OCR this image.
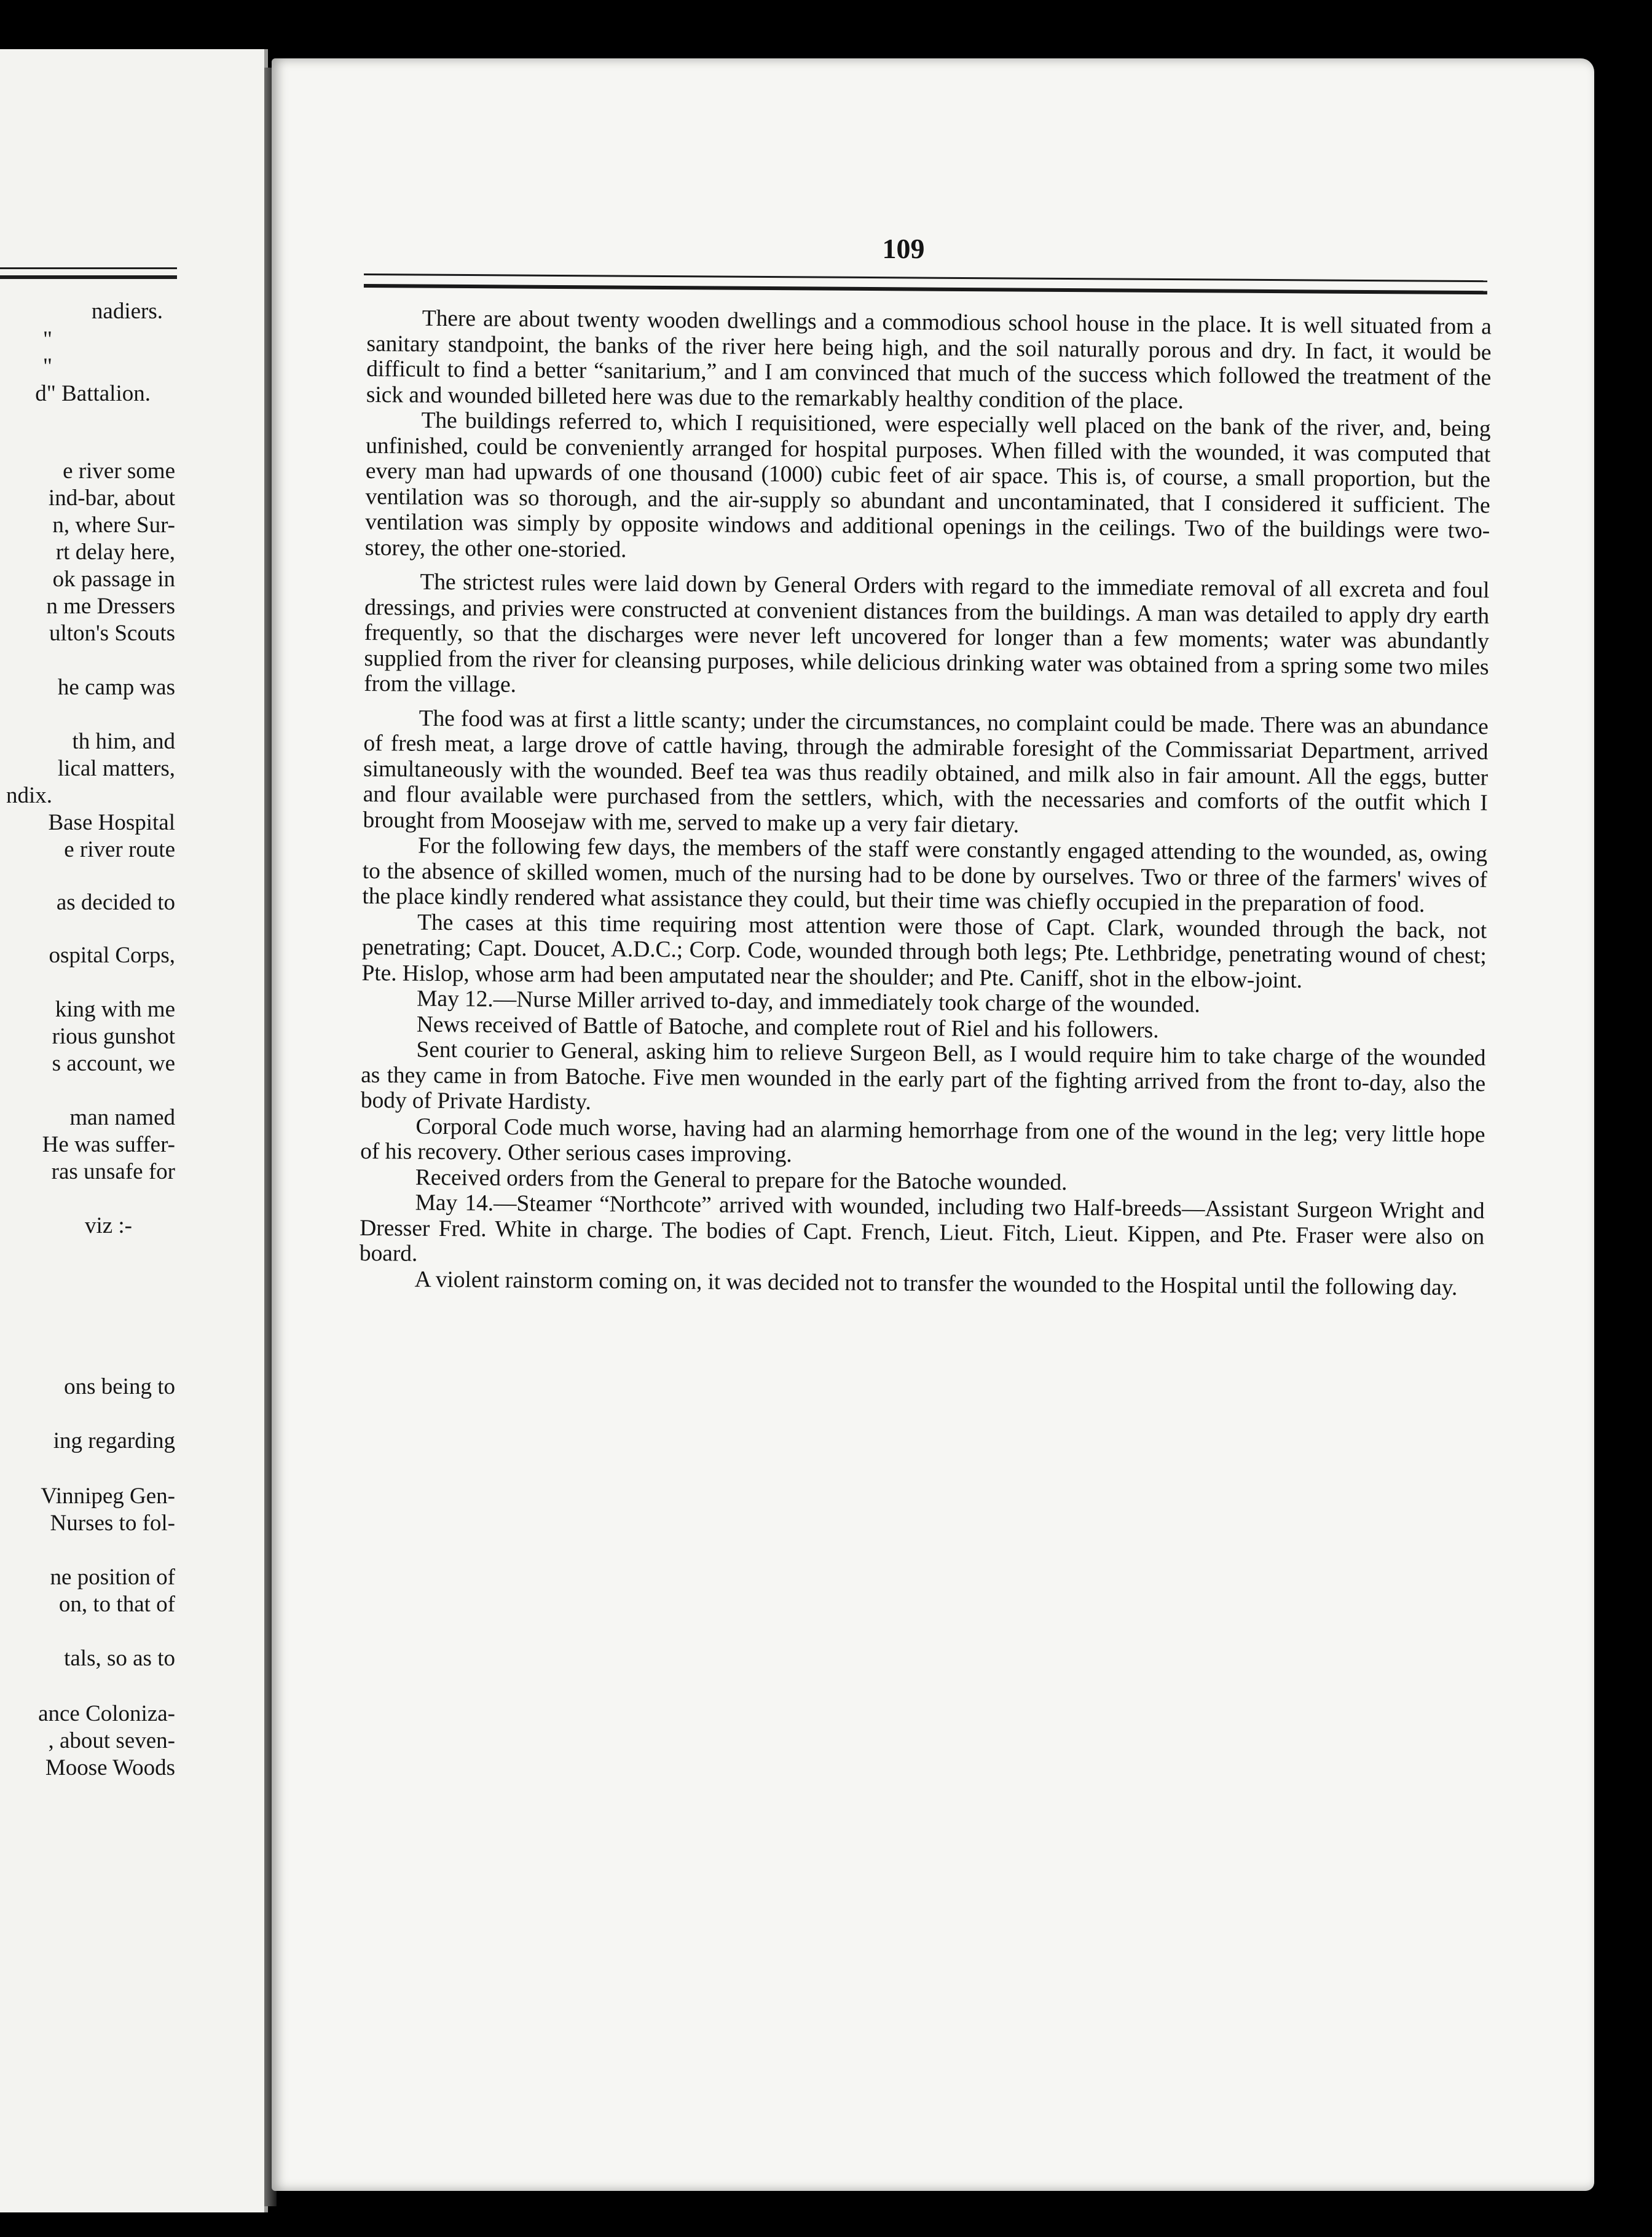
nadiers.
"
"
d" Battalion.
e river some
ind-bar, about
n, where Sur-
rt delay here,
ok passage in
n me Dressers
ulton's Scouts
he camp was
th him, and
lical matters,
ndix.
Base Hospital
e river route
as decided to
ospital Corps,
king with me
rious gunshot
s account, we
man named
He was suffer-
ras unsafe for
viz :-
ons being to
ing regarding
Vinnipeg Gen-
Nurses to fol-
ne position of
on, to that of
tals, so as to
ance Coloniza-
, about seven-
Moose Woods
109

There are about twenty wooden dwellings and a commodious school house in the place. It is well situated from a sanitary standpoint, the banks of the river here being high, and the soil naturally porous and dry. In fact, it would be difficult to find a better “sanitarium,” and I am convinced that much of the success which followed the treatment of the sick and wounded billeted here was due to the remarkably healthy condition of the place.

The buildings referred to, which I requisitioned, were especially well placed on the bank of the river, and, being unfinished, could be conveniently arranged for hospital purposes. When filled with the wounded, it was computed that every man had upwards of one thousand (1000) cubic feet of air space. This is, of course, a small proportion, but the ventilation was so thorough, and the air-supply so abundant and uncontaminated, that I considered it sufficient. The ventilation was simply by opposite windows and additional openings in the ceilings. Two of the buildings were two-storey, the other one-storied.

The strictest rules were laid down by General Orders with regard to the immediate removal of all excreta and foul dressings, and privies were constructed at convenient distances from the buildings. A man was detailed to apply dry earth frequently, so that the discharges were never left uncovered for longer than a few moments; water was abundantly supplied from the river for cleansing purposes, while delicious drinking water was obtained from a spring some two miles from the village.

The food was at first a little scanty; under the circumstances, no complaint could be made. There was an abundance of fresh meat, a large drove of cattle having, through the admirable foresight of the Commissariat Department, arrived simultaneously with the wounded. Beef tea was thus readily obtained, and milk also in fair amount. All the eggs, butter and flour available were purchased from the settlers, which, with the necessaries and comforts of the outfit which I brought from Moosejaw with me, served to make up a very fair dietary.

For the following few days, the members of the staff were constantly engaged attending to the wounded, as, owing to the absence of skilled women, much of the nursing had to be done by ourselves. Two or three of the farmers' wives of the place kindly rendered what assistance they could, but their time was chiefly occupied in the preparation of food.

The cases at this time requiring most attention were those of Capt. Clark, wounded through the back, not penetrating; Capt. Doucet, A.D.C.; Corp. Code, wounded through both legs; Pte. Lethbridge, penetrating wound of chest; Pte. Hislop, whose arm had been amputated near the shoulder; and Pte. Caniff, shot in the elbow-joint.

May 12.—Nurse Miller arrived to-day, and immediately took charge of the wounded.

News received of Battle of Batoche, and complete rout of Riel and his followers.

Sent courier to General, asking him to relieve Surgeon Bell, as I would require him to take charge of the wounded as they came in from Batoche. Five men wounded in the early part of the fighting arrived from the front to-day, also the body of Private Hardisty.

Corporal Code much worse, having had an alarming hemorrhage from one of the wound in the leg; very little hope of his recovery. Other serious cases improving.

Received orders from the General to prepare for the Batoche wounded.

May 14.—Steamer “Northcote” arrived with wounded, including two Half-breeds—Assistant Surgeon Wright and Dresser Fred. White in charge. The bodies of Capt. French, Lieut. Fitch, Lieut. Kippen, and Pte. Fraser were also on board.

A violent rainstorm coming on, it was decided not to transfer the wounded to the Hospital until the following day.
